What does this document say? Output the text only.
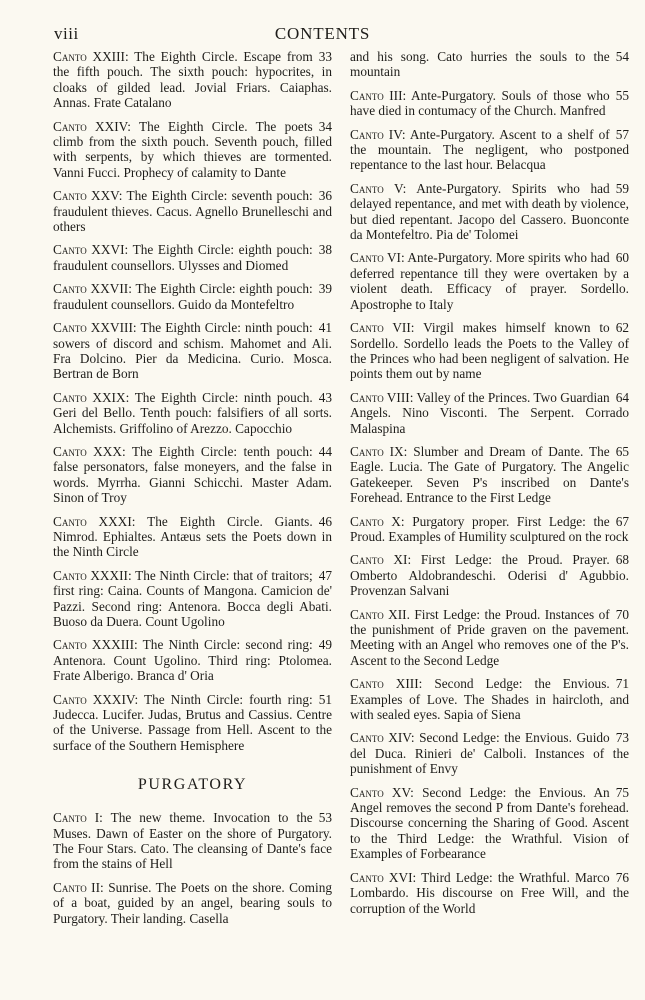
CONTENTS
viii
33
Canto XXIII: The Eighth Circle. Escape from the fifth pouch. The sixth pouch: hypocrites, in cloaks of gilded lead. Jovial Friars. Caiaphas. Annas. Frate Catalano
34
Canto XXIV: The Eighth Circle. The poets climb from the sixth pouch. Seventh pouch, filled with serpents, by which thieves are tormented. Vanni Fucci. Prophecy of calamity to Dante
36
Canto XXV: The Eighth Circle: seventh pouch: fraudulent thieves. Cacus. Agnello Brunelleschi and others
38
Canto XXVI: The Eighth Circle: eighth pouch: fraudulent counsellors. Ulysses and Diomed
39
Canto XXVII: The Eighth Circle: eighth pouch: fraudulent counsellors. Guido da Montefeltro
41
Canto XXVIII: The Eighth Circle: ninth pouch: sowers of discord and schism. Mahomet and Ali. Fra Dolcino. Pier da Medicina. Curio. Mosca. Bertran de Born
43
Canto XXIX: The Eighth Circle: ninth pouch. Geri del Bello. Tenth pouch: falsifiers of all sorts. Alchemists. Griffolino of Arezzo. Capocchio
44
Canto XXX: The Eighth Circle: tenth pouch: false personators, false moneyers, and the false in words. Myrrha. Gianni Schicchi. Master Adam. Sinon of Troy
46
Canto XXXI: The Eighth Circle. Giants. Nimrod. Ephialtes. Antæus sets the Poets down in the Ninth Circle
47
Canto XXXII: The Ninth Circle: that of traitors; first ring: Caina. Counts of Mangona. Camicion de' Pazzi. Second ring: Antenora. Bocca degli Abati. Buoso da Duera. Count Ugolino
49
Canto XXXIII: The Ninth Circle: second ring: Antenora. Count Ugolino. Third ring: Ptolomea. Frate Alberigo. Branca d' Oria
51
Canto XXXIV: The Ninth Circle: fourth ring: Judecca. Lucifer. Judas, Brutus and Cassius. Centre of the Universe. Passage from Hell. Ascent to the surface of the Southern Hemisphere
PURGATORY
53
Canto I: The new theme. Invocation to the Muses. Dawn of Easter on the shore of Purgatory. The Four Stars. Cato. The cleansing of Dante's face from the stains of Hell
Canto II: Sunrise. The Poets on the shore. Coming of a boat, guided by an angel, bearing souls to Purgatory. Their landing. Casella
54
and his song. Cato hurries the souls to the mountain
55
Canto III: Ante-Purgatory. Souls of those who have died in contumacy of the Church. Manfred
57
Canto IV: Ante-Purgatory. Ascent to a shelf of the mountain. The negligent, who postponed repentance to the last hour. Belacqua
59
Canto V: Ante-Purgatory. Spirits who had delayed repentance, and met with death by violence, but died repentant. Jacopo del Cassero. Buonconte da Montefeltro. Pia de' Tolomei
60
Canto VI: Ante-Purgatory. More spirits who had deferred repentance till they were overtaken by a violent death. Efficacy of prayer. Sordello. Apostrophe to Italy
62
Canto VII: Virgil makes himself known to Sordello. Sordello leads the Poets to the Valley of the Princes who had been negligent of salvation. He points them out by name
64
Canto VIII: Valley of the Princes. Two Guardian Angels. Nino Visconti. The Serpent. Corrado Malaspina
65
Canto IX: Slumber and Dream of Dante. The Eagle. Lucia. The Gate of Purgatory. The Angelic Gatekeeper. Seven P's inscribed on Dante's Forehead. Entrance to the First Ledge
67
Canto X: Purgatory proper. First Ledge: the Proud. Examples of Humility sculptured on the rock
68
Canto XI: First Ledge: the Proud. Prayer. Omberto Aldobrandeschi. Oderisi d' Agubbio. Provenzan Salvani
70
Canto XII. First Ledge: the Proud. Instances of the punishment of Pride graven on the pavement. Meeting with an Angel who removes one of the P's. Ascent to the Second Ledge
71
Canto XIII: Second Ledge: the Envious. Examples of Love. The Shades in haircloth, and with sealed eyes. Sapia of Siena
73
Canto XIV: Second Ledge: the Envious. Guido del Duca. Rinieri de' Calboli. Instances of the punishment of Envy
75
Canto XV: Second Ledge: the Envious. An Angel removes the second P from Dante's forehead. Discourse concerning the Sharing of Good. Ascent to the Third Ledge: the Wrathful. Vision of Examples of Forbearance
76
Canto XVI: Third Ledge: the Wrathful. Marco Lombardo. His discourse on Free Will, and the corruption of the World
